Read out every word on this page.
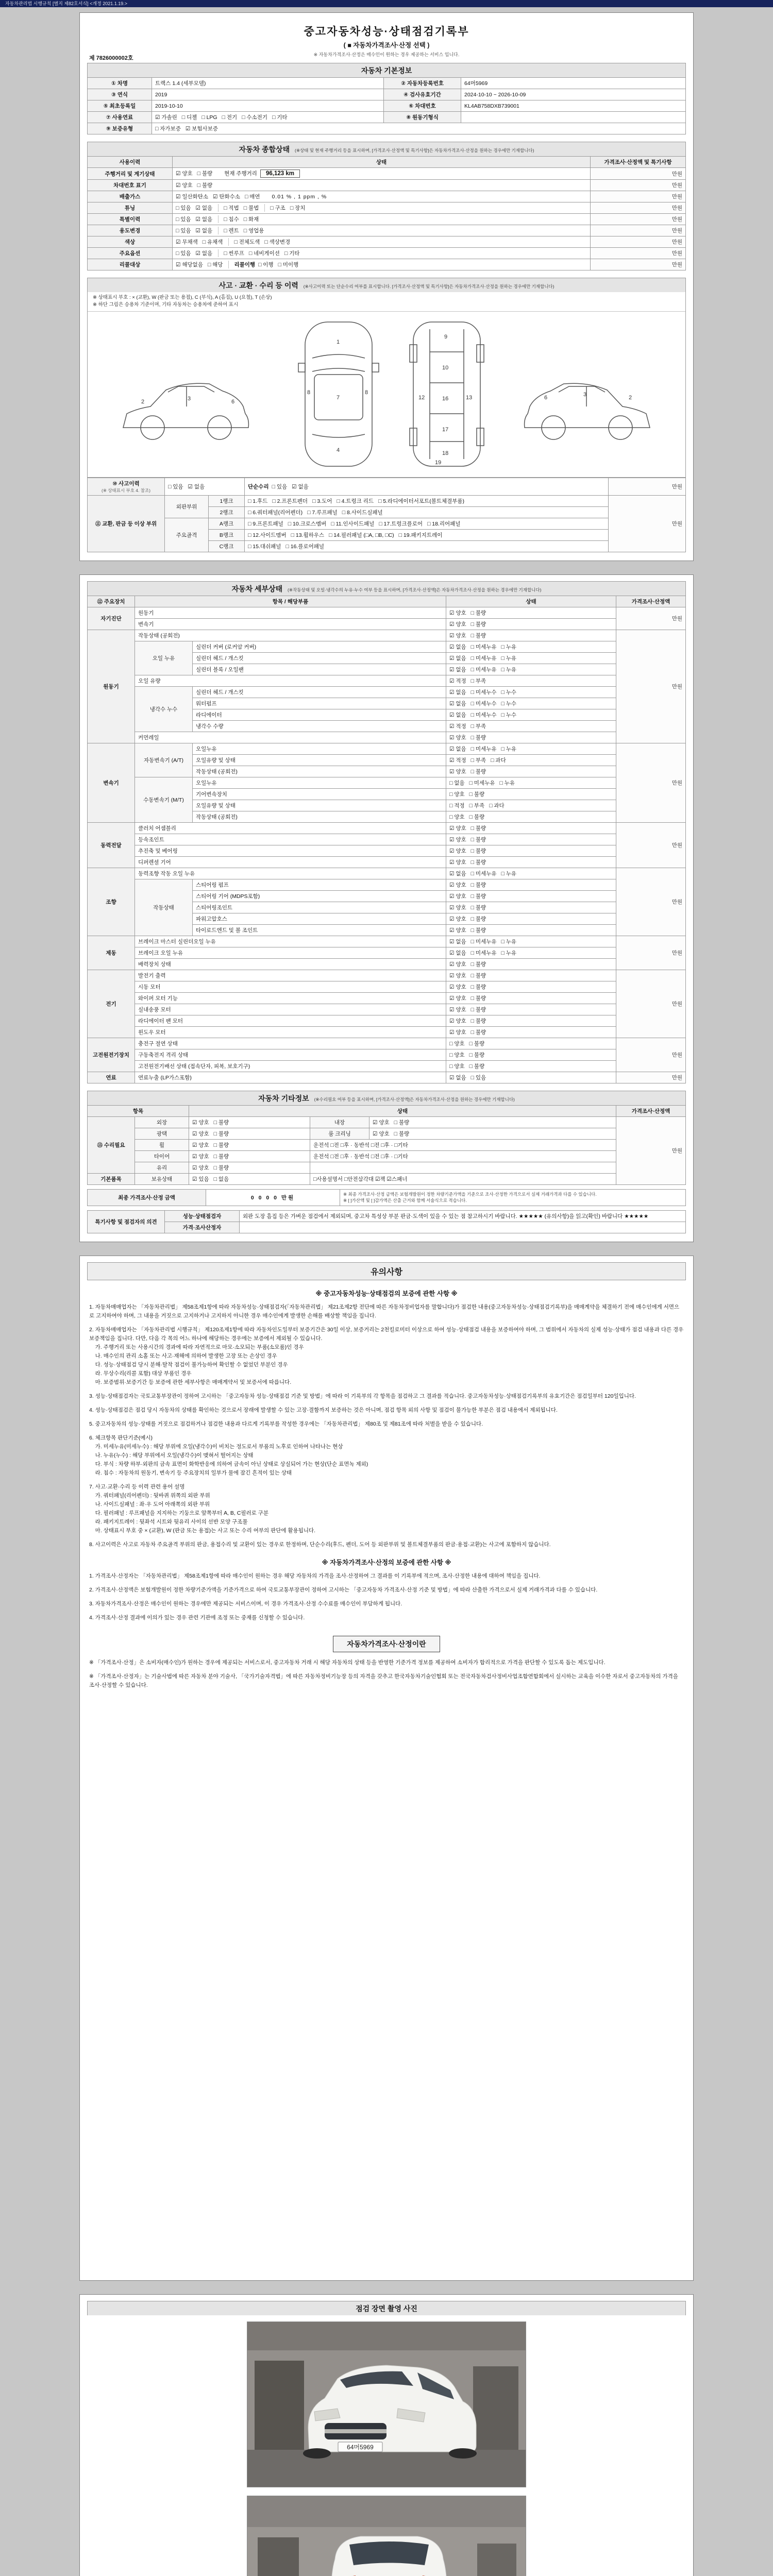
자동차관리법 시행규칙 [별지 제82호서식] <개정 2021.1.19.>
제 7826000002호
중고자동차성능·상태점검기록부
( ■ 자동차가격조사·산정 선택 )
※ 자동차가격조사·산정은 매수인이 원하는 경우 제공하는 서비스 입니다.
자동차 기본정보
① 차명	트랙스 1.4 (세부모델)	② 자동차등록번호	64머5969
③ 연식	2019	④ 검사유효기간	2024-10-10 ~ 2026-10-09
⑤ 최초등록일	2019-10-10	⑥ 차대번호	KL4AB758DXB739001
⑦ 사용연료	☑ 가솔린 □ 디젤 □ LPG □ 전기 □ 수소전기 □ 기타	⑧ 원동기형식	
⑨ 보증유형	□ 자가보증 ☑ 보험사보증		
자동차 종합상태 (※상태 및 현재 주행거리 등을 표시하며, [가격조사·산정액 및 특기사항]은 자동차가격조사·산정을 원하는 경우에만 기재합니다)
사용이력	상태	가격조사·산정액 및 특기사항
주행거리 및 계기상태	☑ 양호 □ 불량 현재 주행거리 96,123 km	만원
차대번호 표기	☑ 양호 □ 불량	만원
배출가스	☑ 일산화탄소 ☑ 탄화수소 □ 매연 0.01 % , 1 ppm , %	만원
튜닝	□ 있음 ☑ 없음 □ 적법 □ 불법 □ 구조 □ 장치	만원
특별이력	□ 있음 ☑ 없음 □ 침수 □ 화재	만원
용도변경	□ 있음 ☑ 없음 □ 렌트 □ 영업용	만원
색상	☑ 무채색 □ 유채색 □ 전체도색 □ 색상변경	만원
주요옵션	□ 있음 ☑ 없음 □ 썬루프 □ 네비게이션 □ 기타	만원
리콜대상	☑ 해당없음 □ 해당 리콜이행 □ 이행 □ 미이행	만원
사고 · 교환 · 수리 등 이력 (※사고이력 또는 단순수리 여부를 표시합니다. [가격조사·산정액 및 특기사항]은 자동차가격조사·산정을 원하는 경우에만 기재합니다)
※ 상태표시 부호 : × (교환), W (판금 또는 용접), C (부식), A (흠집), U (요철), T (손상)
※ 하단 그림은 승용차 기준이며, 기타 자동차는 승용차에 준하여 표시
2	3	6
1
7
4
8	8
9
10
16
17
18
12	13
19
6	3	2
⑩ 사고이력
(※ 상태표시 부호 4. 참조)	□ 있음 ☑ 없음		단순수리 □ 있음 ☑ 없음	만원
⑪ 교환, 판금 등 이상 부위	외판부위	1랭크	□ 1.후드 □ 2.프론트펜더 □ 3.도어 □ 4.트렁크 리드 □ 5.라디에이터서포트(볼트체결부품)	만원
		2랭크	□ 6.쿼터패널(리어펜더) □ 7.루프패널 □ 8.사이드실패널	
	주요골격	A랭크	□ 9.프론트패널 □ 10.크로스멤버 □ 11.인사이드패널 □ 17.트렁크플로어 □ 18.리어패널	
		B랭크	□ 12.사이드멤버 □ 13.휠하우스 □ 14.필러패널 (□A, □B, □C) □ 19.패키지트레이	
		C랭크	□ 15.대쉬패널 □ 16.플로어패널	
자동차 세부상태 (※작동상태 및 오일·냉각수의 누유·누수 여부 등을 표시하며, [가격조사·산정액]은 자동차가격조사·산정을 원하는 경우에만 기재합니다)
⑫ 주요장치	항목 / 해당부품		상태	가격조사·산정액
자기진단	원동기		☑ 양호 □ 불량	만원
	변속기		☑ 양호 □ 불량	
원동기	작동상태 (공회전)		☑ 양호 □ 불량	만원
	오일 누유	실린더 커버 (로커암 커버)	☑ 없음 □ 미세누유 □ 누유	
		실린더 헤드 / 개스킷	☑ 없음 □ 미세누유 □ 누유	
		실린더 블록 / 오일팬	☑ 없음 □ 미세누유 □ 누유	
	오일 유량		☑ 적정 □ 부족	
	냉각수 누수	실린더 헤드 / 개스킷	☑ 없음 □ 미세누수 □ 누수	
		워터펌프	☑ 없음 □ 미세누수 □ 누수	
		라디에이터	☑ 없음 □ 미세누수 □ 누수	
		냉각수 수량	☑ 적정 □ 부족	
	커먼레일		☑ 양호 □ 불량	
변속기	자동변속기 (A/T)	오일누유	☑ 없음 □ 미세누유 □ 누유	만원
		오일유량 및 상태	☑ 적정 □ 부족 □ 과다	
		작동상태 (공회전)	☑ 양호 □ 불량	
	수동변속기 (M/T)	오일누유	□ 없음 □ 미세누유 □ 누유	
		기어변속장치	□ 양호 □ 불량	
		오일유량 및 상태	□ 적정 □ 부족 □ 과다	
		작동상태 (공회전)	□ 양호 □ 불량	
동력전달	클러치 어셈블리		☑ 양호 □ 불량	만원
	등속조인트		☑ 양호 □ 불량	
	추진축 및 베어링		☑ 양호 □ 불량	
	디퍼렌셜 기어		☑ 양호 □ 불량	
조향	동력조향 작동 오일 누유		☑ 없음 □ 미세누유 □ 누유	만원
	작동상태	스티어링 펌프	☑ 양호 □ 불량	
		스티어링 기어 (MDPS포함)	☑ 양호 □ 불량	
		스티어링조인트	☑ 양호 □ 불량	
		파워고압호스	☑ 양호 □ 불량	
		타이로드엔드 및 볼 조인트	☑ 양호 □ 불량	
제동	브레이크 마스터 실린더오일 누유		☑ 없음 □ 미세누유 □ 누유	만원
	브레이크 오일 누유		☑ 없음 □ 미세누유 □ 누유	
	배력장치 상태		☑ 양호 □ 불량	
전기	발전기 출력		☑ 양호 □ 불량	만원
	시동 모터		☑ 양호 □ 불량	
	와이퍼 모터 기능		☑ 양호 □ 불량	
	실내송풍 모터		☑ 양호 □ 불량	
	라디에이터 팬 모터		☑ 양호 □ 불량	
	윈도우 모터		☑ 양호 □ 불량	
고전원전기장치	충전구 절연 상태		□ 양호 □ 불량	만원
	구동축전지 격리 상태		□ 양호 □ 불량	
	고전원전기배선 상태 (접속단자, 피복, 보호기구)		□ 양호 □ 불량	
연료	연료누출 (LP가스포함)		☑ 없음 □ 있음	만원
자동차 기타정보 (※수리필요 여부 등을 표시하며, [가격조사·산정액]은 자동차가격조사·산정을 원하는 경우에만 기재합니다)
항목		상태			가격조사·산정액
⑬ 수리필요	외장	☑ 양호 □ 불량	내장	☑ 양호 □ 불량	만원
	광택	☑ 양호 □ 불량	룸 크리닝	☑ 양호 □ 불량	
	휠	☑ 양호 □ 불량	운전석 □전 □후 · 동반석 □전 □후 · □기타		
	타이어	☑ 양호 □ 불량	운전석 □전 □후 · 동반석 □전 □후 · □기타		
	유리	☑ 양호 □ 불량			
기본품목	보유상태	☑ 있음 □ 없음	□사용설명서 □안전삼각대 ☑잭 ☑스패너		
최종 가격조사·산정 금액	0 0 0 0 만원	
※ 최종 가격조사·산정 금액은 보험개발원이 정한 차량기준가액을 기준으로 조사·산정한 가격으로서 실제 거래가격과 다를 수 있습니다.
※ [ ]가산액 및 [ ]감가액은 산출 근거와 함께 서술식으로 적습니다.
특기사항 및 점검자의 의견	성능·상태점검자	외판 도장 흠집 등은 가벼운 점검에서 제외되며, 중고차 특성상 부분 판금·도색이 있을 수 있는 점 참고하시기 바랍니다. ★★★★★ (유의사항)을 읽고(확인) 바랍니다 ★★★★★
	가격·조사산정자	
유의사항
※ 중고자동차성능·상태점검의 보증에 관한 사항 ※
1. 자동차매매업자는 「자동차관리법」 제58조제1항에 따라 자동차성능·상태점검자(「자동차관리법」 제21조제2항 전단에 따른 자동차정비업자를 말합니다)가 점검한 내용(중고자동차성능·상태점검기록부)을 매매계약을 체결하기 전에 매수인에게 서면으로 고지하여야 하며, 그 내용을 거짓으로 고지하거나 고지하지 아니한 경우 매수인에게 발생한 손해를 배상할 책임을 집니다.
2. 자동차매매업자는 「자동차관리법 시행규칙」 제120조제1항에 따라 자동차인도일부터 보증기간은 30일 이상, 보증거리는 2천킬로미터 이상으로 하여 성능·상태점검 내용을 보증하여야 하며, 그 범위에서 자동차의 실제 성능·상태가 점검 내용과 다른 경우 보증책임을 집니다. 다만, 다음 각 목의 어느 하나에 해당하는 경우에는 보증에서 제외될 수 있습니다.
가. 주행거리 또는 사용시간의 경과에 따라 자연적으로 마모·소모되는 부품(소모품)인 경우
나. 매수인의 관리 소홀 또는 사고·재해에 의하여 발생한 고장 또는 손상인 경우
다. 성능·상태점검 당시 분해·탈착 점검이 불가능하여 확인할 수 없었던 부분인 경우
라. 무상수리(리콜 포함) 대상 부품인 경우
마. 보증범위·보증기간 등 보증에 관한 세부사항은 매매계약서 및 보증서에 따릅니다.
3. 성능·상태점검자는 국토교통부장관이 정하여 고시하는 「중고자동차 성능·상태점검 기준 및 방법」에 따라 이 기록부의 각 항목을 점검하고 그 결과를 적습니다. 중고자동차성능·상태점검기록부의 유효기간은 점검일부터 120일입니다.
4. 성능·상태점검은 점검 당시 자동차의 상태를 확인하는 것으로서 장래에 발생할 수 있는 고장·결함까지 보증하는 것은 아니며, 점검 항목 외의 사항 및 점검이 불가능한 부분은 점검 내용에서 제외됩니다.
5. 중고자동차의 성능·상태를 거짓으로 점검하거나 점검한 내용과 다르게 기록부를 작성한 경우에는 「자동차관리법」 제80조 및 제81조에 따라 처벌을 받을 수 있습니다.
6. 체크항목 판단기준(예시)
가. 미세누유(미세누수) : 해당 부위에 오일(냉각수)이 비치는 정도로서 부품의 노후로 인하여 나타나는 현상
나. 누유(누수) : 해당 부위에서 오일(냉각수)이 맺혀서 떨어지는 상태
다. 부식 : 차량 하부·외판의 금속 표면이 화학반응에 의하여 금속이 아닌 상태로 상실되어 가는 현상(단순 표면녹 제외)
라. 침수 : 자동차의 원동기, 변속기 등 주요장치의 일부가 물에 잠긴 흔적이 있는 상태
7. 사고·교환·수리 등 이력 관련 용어 설명
가. 쿼터패널(리어펜더) : 뒷바퀴 위쪽의 외판 부위
나. 사이드실패널 : 좌·우 도어 아래쪽의 외판 부위
다. 필러패널 : 루프패널을 지지하는 기둥으로 앞쪽부터 A, B, C필러로 구분
라. 패키지트레이 : 뒷좌석 시트와 뒷유리 사이의 선반 모양 구조물
마. 상태표시 부호 중 × (교환), W (판금 또는 용접)는 사고 또는 수리 여부의 판단에 활용됩니다.
8. 사고이력은 사고로 자동차 주요골격 부위의 판금, 용접수리 및 교환이 있는 경우로 한정하며, 단순수리(후드, 펜더, 도어 등 외판부위 및 볼트체결부품의 판금·용접·교환)는 사고에 포함하지 않습니다.
※ 자동차가격조사·산정의 보증에 관한 사항 ※
1. 가격조사·산정자는 「자동차관리법」 제58조제1항에 따라 매수인이 원하는 경우 해당 자동차의 가격을 조사·산정하여 그 결과를 이 기록부에 적으며, 조사·산정한 내용에 대하여 책임을 집니다.
2. 가격조사·산정액은 보험개발원이 정한 차량기준가액을 기준가격으로 하여 국토교통부장관이 정하여 고시하는 「중고자동차 가격조사·산정 기준 및 방법」에 따라 산출한 가격으로서 실제 거래가격과 다를 수 있습니다.
3. 자동차가격조사·산정은 매수인이 원하는 경우에만 제공되는 서비스이며, 이 경우 가격조사·산정 수수료를 매수인이 부담하게 됩니다.
4. 가격조사·산정 결과에 이의가 있는 경우 관련 기관에 조정 또는 중재를 신청할 수 있습니다.
자동차가격조사·산정이란
※ 「가격조사·산정」은 소비자(매수인)가 원하는 경우에 제공되는 서비스로서, 중고자동차 거래 시 해당 자동차의 상태 등을 반영한 기준가격 정보를 제공하여 소비자가 합리적으로 가격을 판단할 수 있도록 돕는 제도입니다.
※ 「가격조사·산정자」는 기술사법에 따른 자동차 분야 기술사, 「국가기술자격법」에 따른 자동차정비기능장 등의 자격을 갖추고 한국자동차기술인협회 또는 전국자동차검사정비사업조합연합회에서 실시하는 교육을 이수한 자로서 중고자동차의 가격을 조사·산정할 수 있습니다.
점검 장면 촬영 사진
64머5969
